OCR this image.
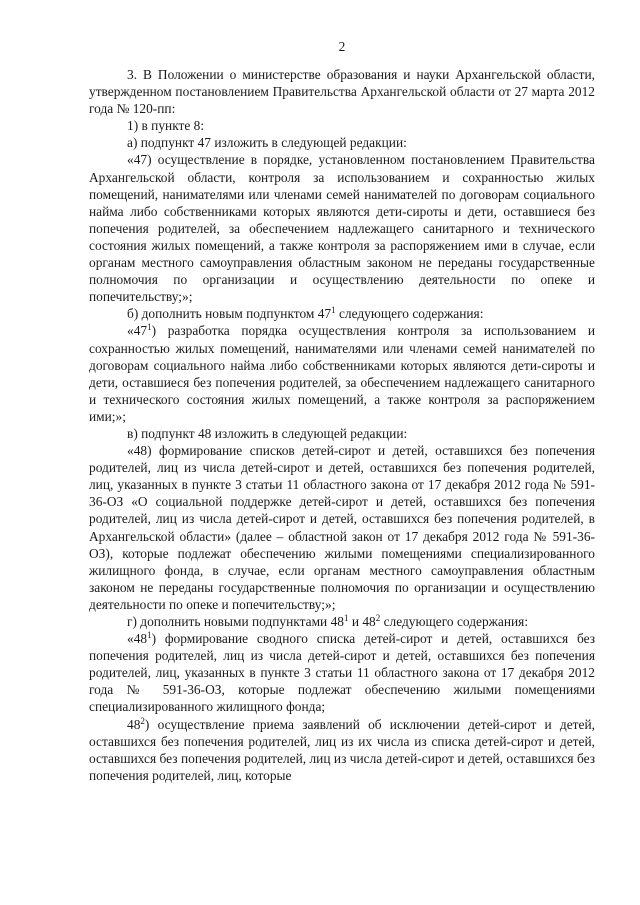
2

3. В Положении о министерстве образования и науки Архангельской области, утвержденном постановлением Правительства Архангельской области от 27 марта 2012 года № 120-пп:

1) в пункте 8:

а) подпункт 47 изложить в следующей редакции:

«47) осуществление в порядке, установленном постановлением Правительства Архангельской области, контроля за использованием и сохранностью жилых помещений, нанимателями или членами семей нанимателей по договорам социального найма либо собственниками которых являются дети-сироты и дети, оставшиеся без попечения родителей, за обеспечением надлежащего санитарного и технического состояния жилых помещений, а также контроля за распоряжением ими в случае, если органам местного самоуправления областным законом не переданы государственные полномочия по организации и осуществлению деятельности по опеке и попечительству;»;

б) дополнить новым подпунктом $47^1$ следующего содержания:

«$47^1$) разработка порядка осуществления контроля за использованием и сохранностью жилых помещений, нанимателями или членами семей нанимателей по договорам социального найма либо собственниками которых являются дети-сироты и дети, оставшиеся без попечения родителей, за обеспечением надлежащего санитарного и технического состояния жилых помещений, а также контроля за распоряжением ими;»;

в) подпункт 48 изложить в следующей редакции:

«48) формирование списков детей-сирот и детей, оставшихся без попечения родителей, лиц из числа детей-сирот и детей, оставшихся без попечения родителей, лиц, указанных в пункте 3 статьи 11 областного закона от 17 декабря 2012 года № 591-36-ОЗ «О социальной поддержке детей-сирот и детей, оставшихся без попечения родителей, лиц из числа детей-сирот и детей, оставшихся без попечения родителей, в Архангельской области» (далее – областной закон от 17 декабря 2012 года № 591-36-ОЗ), которые подлежат обеспечению жилыми помещениями специализированного жилищного фонда, в случае, если органам местного самоуправления областным законом не переданы государственные полномочия по организации и осуществлению деятельности по опеке и попечительству;»;

г) дополнить новыми подпунктами $48^1$ и $48^2$ следующего содержания:

«$48^1$) формирование сводного списка детей-сирот и детей, оставшихся без попечения родителей, лиц из числа детей-сирот и детей, оставшихся без попечения родителей, лиц, указанных в пункте 3 статьи 11 областного закона от 17 декабря 2012 года № 591-36-ОЗ, которые подлежат обеспечению жилыми помещениями специализированного жилищного фонда;

$48^2$) осуществление приема заявлений об исключении детей-сирот и детей, оставшихся без попечения родителей, лиц из их числа из списка детей-сирот и детей, оставшихся без попечения родителей, лиц из числа детей-сирот и детей, оставшихся без попечения родителей, лиц, которые
